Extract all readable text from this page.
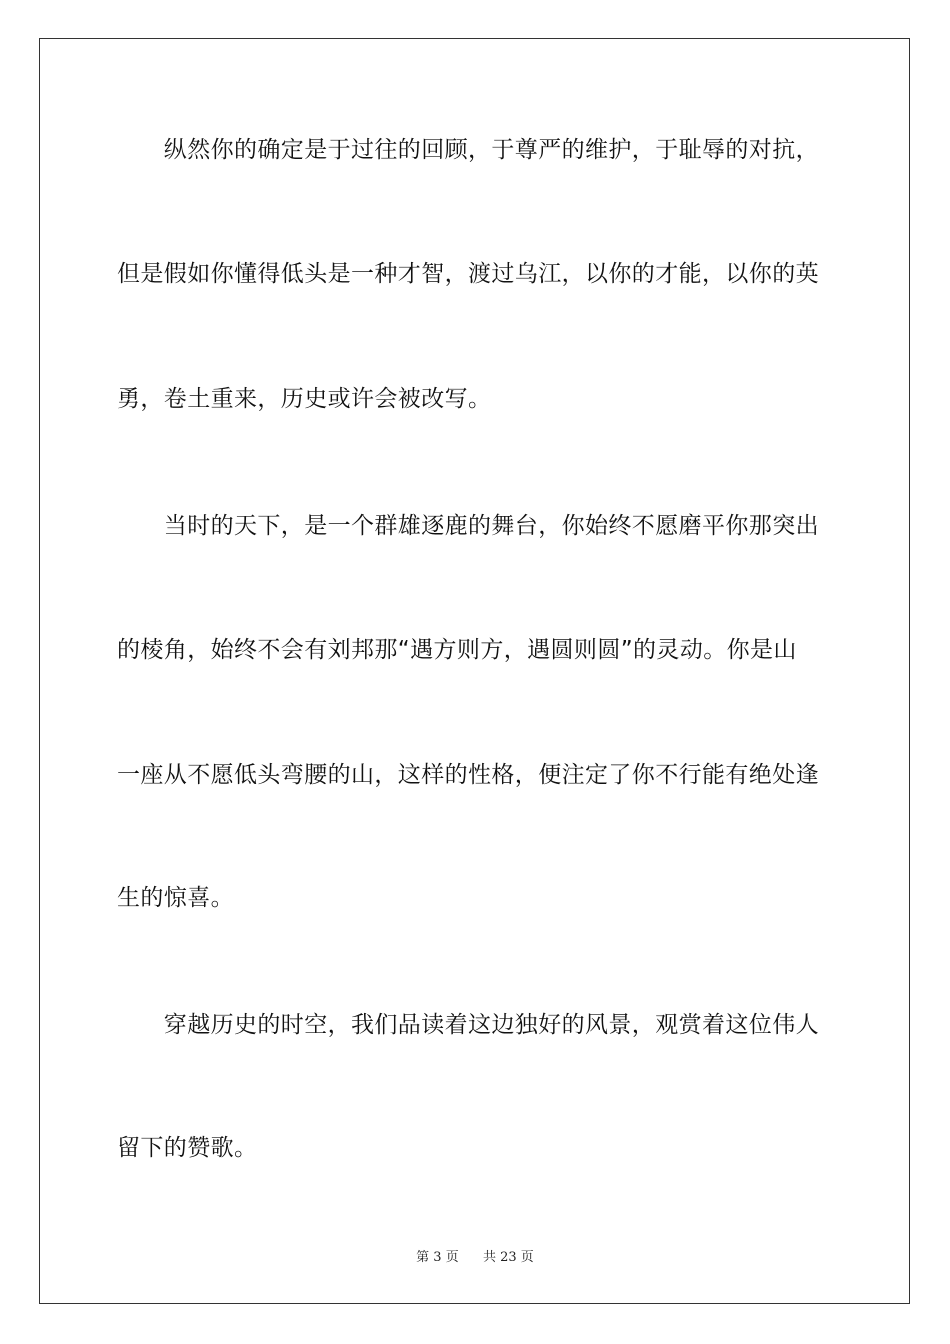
　　纵然你的确定是于过往的回顾，于尊严的维护，于耻辱的对抗，
但是假如你懂得低头是一种才智，渡过乌江，以你的才能，以你的英
勇，卷土重来，历史或许会被改写。
　　当时的天下，是一个群雄逐鹿的舞台，你始终不愿磨平你那突出
的棱角，始终不会有刘邦那“遇方则方，遇圆则圆”的灵动。你是山
一座从不愿低头弯腰的山，这样的性格，便注定了你不行能有绝处逢
生的惊喜。
　　穿越历史的时空，我们品读着这边独好的风景，观赏着这位伟人
留下的赞歌。
第 3 页 共 23 页
